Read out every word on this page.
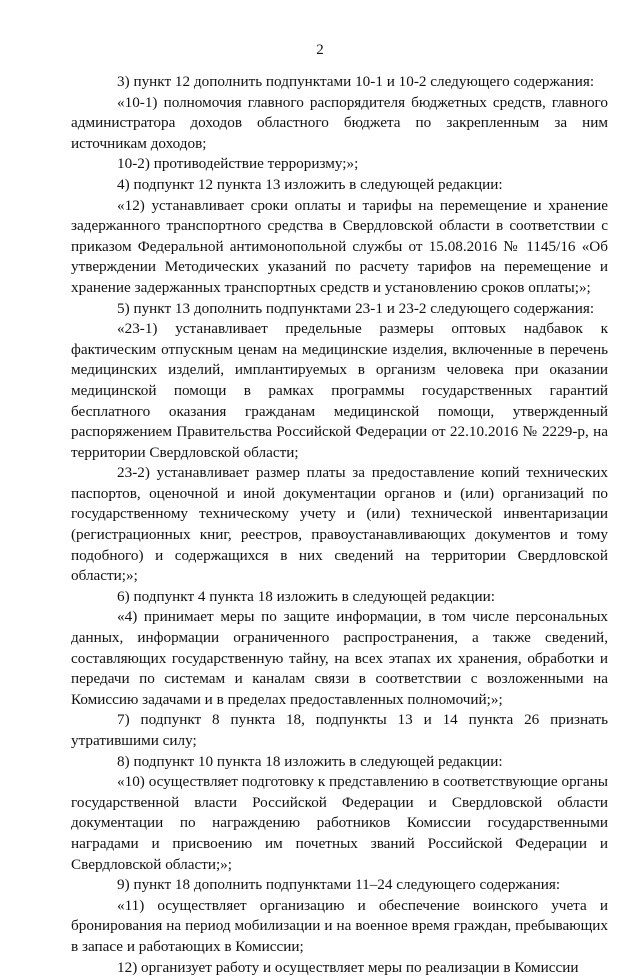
2

3) пункт 12 дополнить подпунктами 10-1 и 10-2 следующего содержания:

«10-1) полномочия главного распорядителя бюджетных средств, главного администратора доходов областного бюджета по закрепленным за ним источникам доходов;

10-2) противодействие терроризму;»;

4) подпункт 12 пункта 13 изложить в следующей редакции:

«12) устанавливает сроки оплаты и тарифы на перемещение и хранение задержанного транспортного средства в Свердловской области в соответствии с приказом Федеральной антимонопольной службы от 15.08.2016 № 1145/16 «Об утверждении Методических указаний по расчету тарифов на перемещение и хранение задержанных транспортных средств и установлению сроков оплаты;»;

5) пункт 13 дополнить подпунктами 23-1 и 23-2 следующего содержания:

«23-1) устанавливает предельные размеры оптовых надбавок к фактическим отпускным ценам на медицинские изделия, включенные в перечень медицинских изделий, имплантируемых в организм человека при оказании медицинской помощи в рамках программы государственных гарантий бесплатного оказания гражданам медицинской помощи, утвержденный распоряжением Правительства Российской Федерации от 22.10.2016 № 2229-р, на территории Свердловской области;

23-2) устанавливает размер платы за предоставление копий технических паспортов, оценочной и иной документации органов и (или) организаций по государственному техническому учету и (или) технической инвентаризации (регистрационных книг, реестров, правоустанавливающих документов и тому подобного) и содержащихся в них сведений на территории Свердловской области;»;

6) подпункт 4 пункта 18 изложить в следующей редакции:

«4) принимает меры по защите информации, в том числе персональных данных, информации ограниченного распространения, а также сведений, составляющих государственную тайну, на всех этапах их хранения, обработки и передачи по системам и каналам связи в соответствии с возложенными на Комиссию задачами и в пределах предоставленных полномочий;»;

7) подпункт 8 пункта 18, подпункты 13 и 14 пункта 26 признать утратившими силу;

8) подпункт 10 пункта 18 изложить в следующей редакции:

«10) осуществляет подготовку к представлению в соответствующие органы государственной власти Российской Федерации и Свердловской области документации по награждению работников Комиссии государственными наградами и присвоению им почетных званий Российской Федерации и Свердловской области;»;

9) пункт 18 дополнить подпунктами 11–24 следующего содержания:

«11) осуществляет организацию и обеспечение воинского учета и бронирования на период мобилизации и на военное время граждан, пребывающих в запасе и работающих в Комиссии;

12) организует работу и осуществляет меры по реализации в Комиссии
